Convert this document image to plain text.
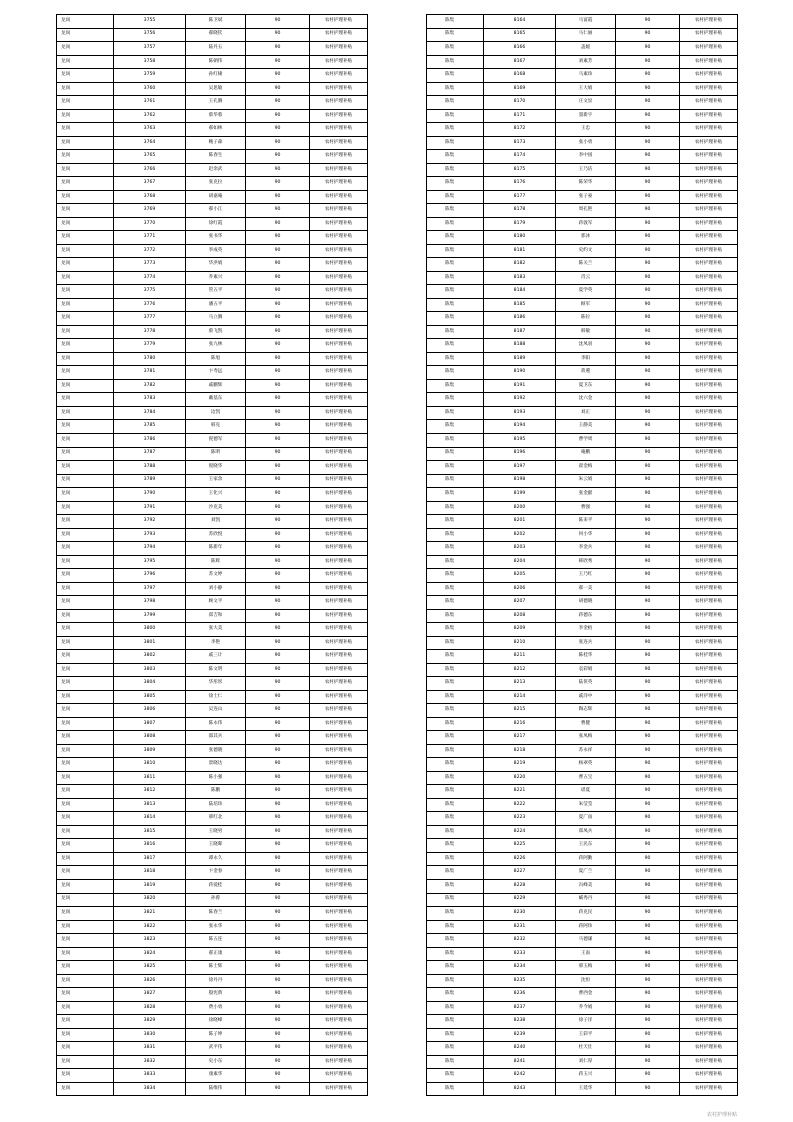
龙岗	3755	陈卫斌	90	农村护理补贴
龙岗	3756	郝晓钦	90	农村护理补贴
龙岗	3757	陆丹五	90	农村护理补贴
龙岗	3758	陈朝伟	90	农村护理补贴
龙岗	3759	孙红棣	90	农村护理补贴
龙岗	3760	吴思敏	90	农村护理补贴
龙岗	3761	王孔腾	90	农村护理补贴
龙岗	3762	蔡华蓉	90	农村护理补贴
龙岗	3763	郝如林	90	农村护理补贴
龙岗	3764	鲍子森	90	农村护理补贴
龙岗	3765	陈春生	90	农村护理补贴
龙岗	3766	赵余武	90	农村护理补贴
龙岗	3767	张克拉	90	农村护理补贴
龙岗	3768	胡嘉庵	90	农村护理补贴
龙岗	3769	郝小江	90	农村护理补贴
龙岗	3770	徐红霞	90	农村护理补贴
龙岗	3771	张书华	90	农村护理补贴
龙岗	3772	李成英	90	农村护理补贴
龙岗	3773	华洪娟	90	农村护理补贴
龙岗	3774	乔素兴	90	农村护理补贴
龙岗	3775	管五平	90	农村护理补贴
龙岗	3776	潘五平	90	农村护理补贴
龙岗	3777	马立腾	90	农村护理补贴
龙岗	3778	蔡飞凯	90	农村护理补贴
龙岗	3779	张九林	90	农村护理补贴
龙岗	3780	陈旭	90	农村护理补贴
龙岗	3781	卞寿远	90	农村护理补贴
龙岗	3782	戚鹏辉	90	农村护理补贴
龙岗	3783	戴基东	90	农村护理补贴
龙岗	3784	边凯	90	农村护理补贴
龙岗	3785	韩克	90	农村护理补贴
龙岗	3786	倪德军	90	农村护理补贴
龙岗	3787	陈明	90	农村护理补贴
龙岗	3788	倪晓华	90	农村护理补贴
龙岗	3789	王家余	90	农村护理补贴
龙岗	3790	王化兴	90	农村护理补贴
龙岗	3791	沙克美	90	农村护理补贴
龙岗	3792	刘凯	90	农村护理补贴
龙岗	3793	苏欣悦	90	农村护理补贴
龙岗	3794	陈新年	90	农村护理补贴
龙岗	3795	陈辉	90	农村护理补贴
龙岗	3796	苏文婷	90	农村护理补贴
龙岗	3797	刘小静	90	农村护理补贴
龙岗	3798	顾文平	90	农村护理补贴
龙岗	3799	郑吉和	90	农村护理补贴
龙岗	3800	张大美	90	农村护理补贴
龙岗	3801	李艳	90	农村护理补贴
龙岗	3802	戚三计	90	农村护理补贴
龙岗	3803	陈文明	90	农村护理补贴
龙岗	3804	华彤彤	90	农村护理补贴
龙岗	3805	徐士仁	90	农村护理补贴
龙岗	3806	吴连山	90	农村护理补贴
龙岗	3807	陈永伟	90	农村护理补贴
龙岗	3808	邵其兵	90	农村护理补贴
龙岗	3809	张德晓	90	农村护理补贴
龙岗	3810	景晓达	90	农村护理补贴
龙岗	3811	陈小强	90	农村护理补贴
龙岗	3812	陈鹏	90	农村护理补贴
龙岗	3813	陆培珍	90	农村护理补贴
龙岗	3814	邢红北	90	农村护理补贴
龙岗	3815	王晓男	90	农村护理补贴
龙岗	3816	王晓晖	90	农村护理补贴
龙岗	3817	谭永久	90	农村护理补贴
龙岗	3818	卞金春	90	农村护理补贴
龙岗	3819	蒋爱桂	90	农村护理补贴
龙岗	3820	孙蓉	90	农村护理补贴
龙岗	3821	陈春兰	90	农村护理补贴
龙岗	3822	张永华	90	农村护理补贴
龙岗	3823	陈五连	90	农村护理补贴
龙岗	3824	郝正康	90	农村护理补贴
龙岗	3825	陈士辉	90	农村护理补贴
龙岗	3826	徐丹丹	90	农村护理补贴
龙岗	3827	殷宪典	90	农村护理补贴
龙岗	3828	费小勇	90	农村护理补贴
龙岗	3829	徐晓峰	90	农村护理补贴
龙岗	3830	陈子坤	90	农村护理补贴
龙岗	3831	武平伟	90	农村护理补贴
龙岗	3832	史小东	90	农村护理补贴
龙岗	3833	康素华	90	农村护理补贴
龙岗	3834	陆维伟	90	农村护理补贴
陈集	8164	马富霞	90	农村护理补贴
陈集	8165	马仁丽	90	农村护理补贴
陈集	8166	盖媛	90	农村护理补贴
陈集	8167	刘素芳	90	农村护理补贴
陈集	8168	马素珍	90	农村护理补贴
陈集	8169	王大娟	90	农村护理补贴
陈集	8170	庄文显	90	农村护理补贴
陈集	8171	窦新宇	90	农村护理补贴
陈集	8172	王忠	90	农村护理补贴
陈集	8173	张小勇	90	农村护理补贴
陈集	8174	李中国	90	农村护理补贴
陈集	8175	王乃洁	90	农村护理补贴
陈集	8176	陈荣华	90	农村护理补贴
陈集	8177	张子豪	90	农村护理补贴
陈集	8178	周孔艳	90	农村护理补贴
陈集	8179	蒋敦军	90	农村护理补贴
陈集	8180	郭沐	90	农村护理补贴
陈集	8181	史约文	90	农村护理补贴
陈集	8182	陈关兰	90	农村护理补贴
陈集	8183	肖云	90	农村护理补贴
陈集	8184	夏学英	90	农村护理补贴
陈集	8185	顾军	90	农村护理补贴
陈集	8186	陈拉	90	农村护理补贴
陈集	8187	韩敏	90	农村护理补贴
陈集	8188	沈凤羽	90	农村护理补贴
陈集	8189	李阳	90	农村护理补贴
陈集	8190	蒋遴	90	农村护理补贴
陈集	8191	夏卫东	90	农村护理补贴
陈集	8192	沈六金	90	农村护理补贴
陈集	8193	刘正	90	农村护理补贴
陈集	8194	王静美	90	农村护理补贴
陈集	8195	曹学周	90	农村护理补贴
陈集	8196	庵鹏	90	农村护理补贴
陈集	8197	翟金梅	90	农村护理补贴
陈集	8198	朱云娟	90	农村护理补贴
陈集	8199	张金献	90	农村护理补贴
陈集	8200	曹强	90	农村护理补贴
陈集	8201	陈来平	90	农村护理补贴
陈集	8202	何小华	90	农村护理补贴
陈集	8203	李金兵	90	农村护理补贴
陈集	8204	韩欣秀	90	农村护理补贴
陈集	8205	王乃红	90	农村护理补贴
陈集	8206	郝一美	90	农村护理补贴
陈集	8207	胡德晓	90	农村护理补贴
陈集	8208	蒋德东	90	农村护理补贴
陈集	8209	李金栢	90	农村护理补贴
陈集	8210	张连兵	90	农村护理补贴
陈集	8211	陈桂华	90	农村护理补贴
陈集	8212	袁彩娟	90	农村护理补贴
陈集	8213	陆侠英	90	农村护理补贴
陈集	8214	戚洋中	90	农村护理补贴
陈集	8215	陶志辉	90	农村护理补贴
陈集	8216	曹健	90	农村护理补贴
陈集	8217	张凤梅	90	农村护理补贴
陈集	8218	苏永祥	90	农村护理补贴
陈集	8219	杨翠英	90	农村护理补贴
陈集	8220	曹五宝	90	农村护理补贴
陈集	8221	谌夏	90	农村护理补贴
陈集	8222	朱莹莹	90	农村护理补贴
陈集	8223	夏广雨	90	农村护理补贴
陈集	8224	郑凤兵	90	农村护理补贴
陈集	8225	王民东	90	农村护理补贴
陈集	8226	蒋阿勤	90	农村护理补贴
陈集	8227	夏广兰	90	农村护理补贴
陈集	8228	冯峰美	90	农村护理补贴
陈集	8229	臧秀丹	90	农村护理补贴
陈集	8230	蒋克民	90	农村护理补贴
陈集	8231	蒋阿珍	90	农村护理补贴
陈集	8232	马德谦	90	农村护理补贴
陈集	8233	王南	90	农村护理补贴
陈集	8234	邢玉梅	90	农村护理补贴
陈集	8235	沈恒	90	农村护理补贴
陈集	8236	曹西金	90	农村护理补贴
陈集	8237	乔今娟	90	农村护理补贴
陈集	8238	徐子洋	90	农村护理补贴
陈集	8239	王彩平	90	农村护理补贴
陈集	8240	杜天壮	90	农村护理补贴
陈集	8241	刘仁厚	90	农村护理补贴
陈集	8242	蒋玉兴	90	农村护理补贴
陈集	8243	王延华	90	农村护理补贴
农村护理补贴
